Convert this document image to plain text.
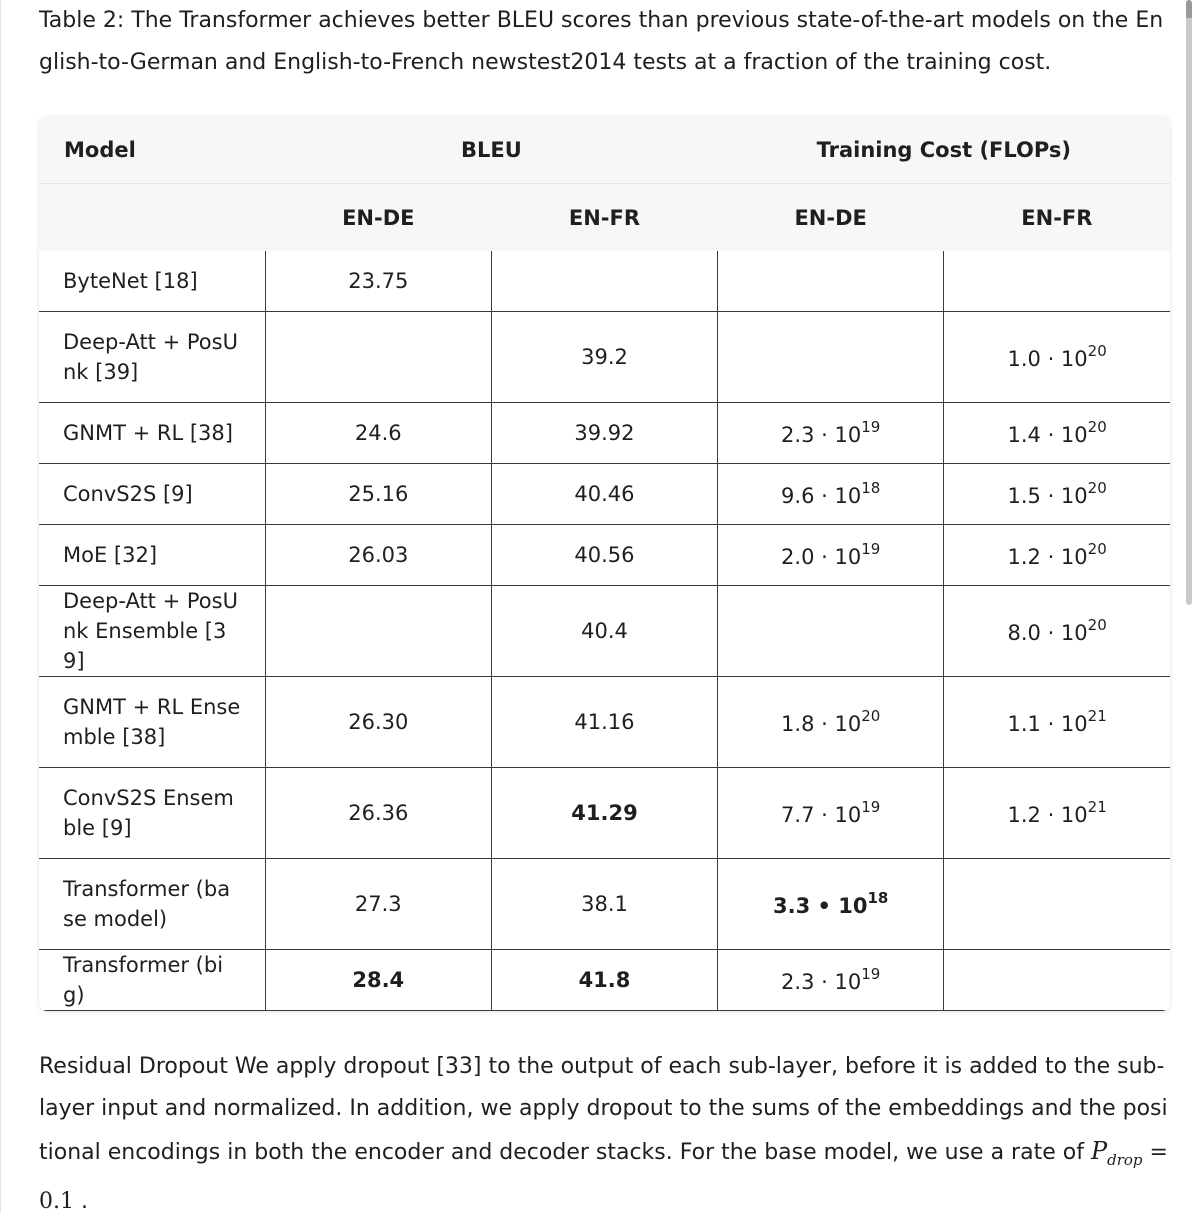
Table 2: The Transformer achieves better BLEU scores than previous state-of-the-art models on the English-to-German and English-to-French newstest2014 tests at a fraction of the training cost.
Model	BLEU		Training Cost (FLOPs)	
	EN-DE	EN-FR	EN-DE	EN-FR
ByteNet [18]	23.75			
Deep-Att + PosUnk [39]		39.2		$1.0 \cdot 10^{20}$
GNMT + RL [38]	24.6	39.92	$2.3 \cdot 10^{19}$	$1.4 \cdot 10^{20}$
ConvS2S [9]	25.16	40.46	$9.6 \cdot 10^{18}$	$1.5 \cdot 10^{20}$
MoE [32]	26.03	40.56	$2.0 \cdot 10^{19}$	$1.2 \cdot 10^{20}$
Deep-Att + PosUnk Ensemble [39]		40.4		$8.0 \cdot 10^{20}$
GNMT + RL Ensemble [38]	26.30	41.16	$1.8 \cdot 10^{20}$	$1.1 \cdot 10^{21}$
ConvS2S Ensemble [9]	26.36	41.29	$7.7 \cdot 10^{19}$	$1.2 \cdot 10^{21}$
Transformer (base model)	27.3	38.1	3.3 • $10^{18}$	
Transformer (big)	28.4	41.8	$2.3 \cdot 10^{19}$	
Residual Dropout We apply dropout [33] to the output of each sub-layer, before it is added to the sub-layer input and normalized. In addition, we apply dropout to the sums of the embeddings and the positional encodings in both the encoder and decoder stacks. For the base model, we use a rate of $P_{drop} = 0.1$ .
